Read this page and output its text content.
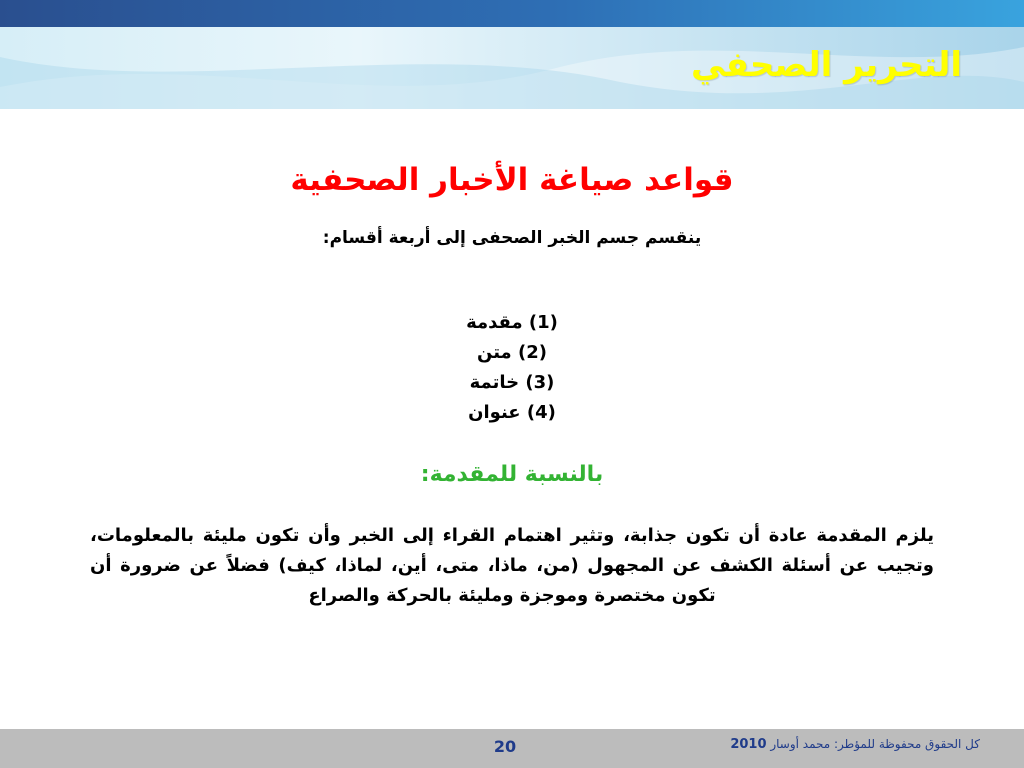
التحرير الصحفي
قواعد صياغة الأخبار الصحفية
ينقسم جسم الخبر الصحفى إلى أربعة أقسام:
(1) مقدمة
(2) متن
(3) خاتمة
(4) عنوان
بالنسبة للمقدمة:
يلزم المقدمة عادة أن تكون جذابة، وتثير اهتمام القراء إلى الخبر وأن تكون مليئة بالمعلومات، وتجيب عن أسئلة الكشف عن المجهول (من، ماذا، متى، أين، لماذا، كيف) فضلاً عن ضرورة أن تكون مختصرة وموجزة ومليئة بالحركة والصراع
20	كل الحقوق محفوظة للمؤطر: محمد أوسار 2010
